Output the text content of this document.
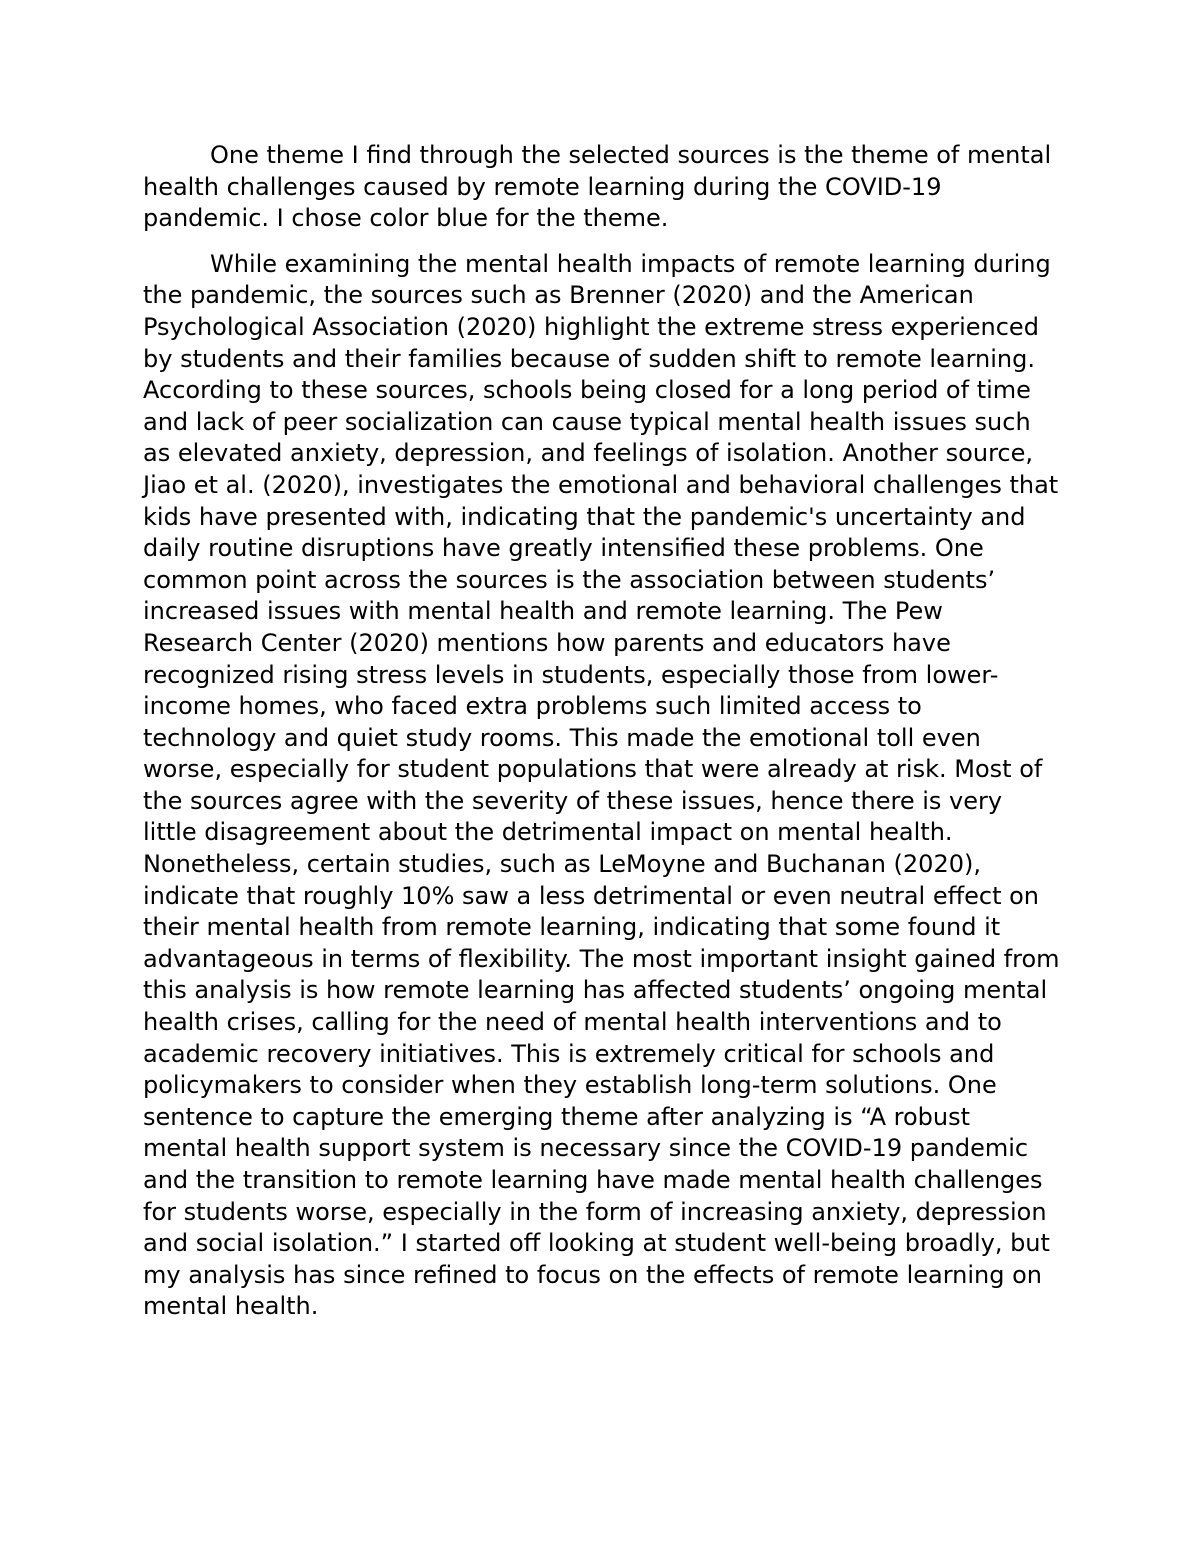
One theme I find through the selected sources is the theme of mental health challenges caused by remote learning during the COVID-19 pandemic. I chose color blue for the theme.

While examining the mental health impacts of remote learning during the pandemic, the sources such as Brenner (2020) and the American Psychological Association (2020) highlight the extreme stress experienced by students and their families because of sudden shift to remote learning. According to these sources, schools being closed for a long period of time and lack of peer socialization can cause typical mental health issues such as elevated anxiety, depression, and feelings of isolation. Another source, Jiao et al. (2020), investigates the emotional and behavioral challenges that kids have presented with, indicating that the pandemic's uncertainty and daily routine disruptions have greatly intensified these problems. One common point across the sources is the association between students’ increased issues with mental health and remote learning. The Pew Research Center (2020) mentions how parents and educators have recognized rising stress levels in students, especially those from lower-income homes, who faced extra problems such limited access to technology and quiet study rooms. This made the emotional toll even worse, especially for student populations that were already at risk. Most of the sources agree with the severity of these issues, hence there is very little disagreement about the detrimental impact on mental health. Nonetheless, certain studies, such as LeMoyne and Buchanan (2020), indicate that roughly 10% saw a less detrimental or even neutral effect on their mental health from remote learning, indicating that some found it advantageous in terms of flexibility. The most important insight gained from this analysis is how remote learning has affected students’ ongoing mental health crises, calling for the need of mental health interventions and to academic recovery initiatives. This is extremely critical for schools and policymakers to consider when they establish long-term solutions. One sentence to capture the emerging theme after analyzing is “A robust mental health support system is necessary since the COVID-19 pandemic and the transition to remote learning have made mental health challenges for students worse, especially in the form of increasing anxiety, depression and social isolation.” I started off looking at student well-being broadly, but my analysis has since refined to focus on the effects of remote learning on mental health.
